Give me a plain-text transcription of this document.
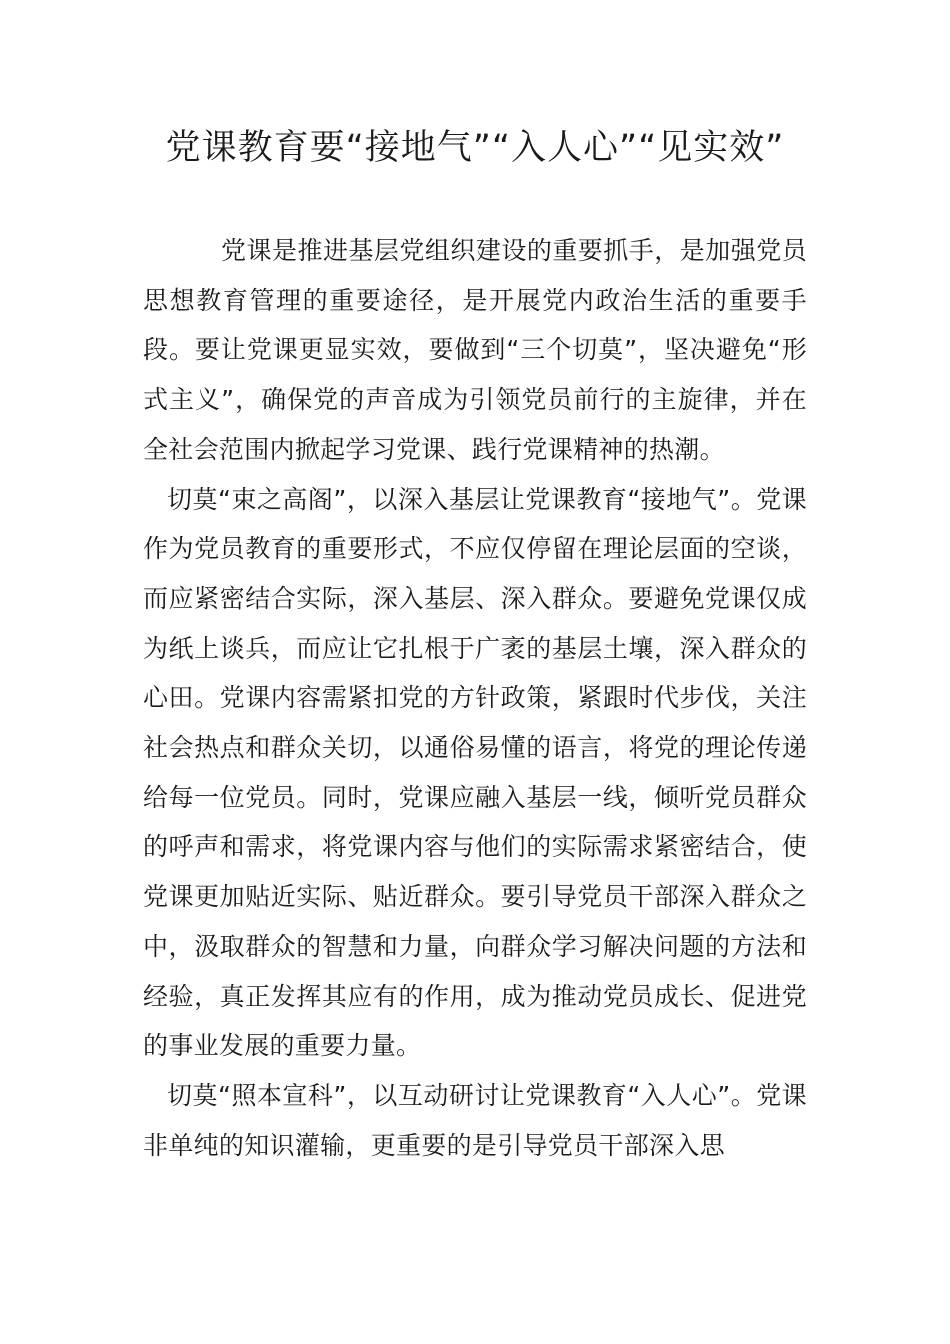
党课教育要“接地气”“入人心”“见实效”

党课是推进基层党组织建设的重要抓手，是加强党员思想教育管理的重要途径，是开展党内政治生活的重要手段。要让党课更显实效，要做到“三个切莫”，坚决避免“形式主义”，确保党的声音成为引领党员前行的主旋律，并在全社会范围内掀起学习党课、践行党课精神的热潮。

切莫“束之高阁”，以深入基层让党课教育“接地气”。党课作为党员教育的重要形式，不应仅停留在理论层面的空谈，而应紧密结合实际，深入基层、深入群众。要避免党课仅成为纸上谈兵，而应让它扎根于广袤的基层土壤，深入群众的心田。党课内容需紧扣党的方针政策，紧跟时代步伐，关注社会热点和群众关切，以通俗易懂的语言，将党的理论传递给每一位党员。同时，党课应融入基层一线，倾听党员群众的呼声和需求，将党课内容与他们的实际需求紧密结合，使党课更加贴近实际、贴近群众。要引导党员干部深入群众之中，汲取群众的智慧和力量，向群众学习解决问题的方法和经验，真正发挥其应有的作用，成为推动党员成长、促进党的事业发展的重要力量。

切莫“照本宣科”，以互动研讨让党课教育“入人心”。党课非单纯的知识灌输，更重要的是引导党员干部深入思
